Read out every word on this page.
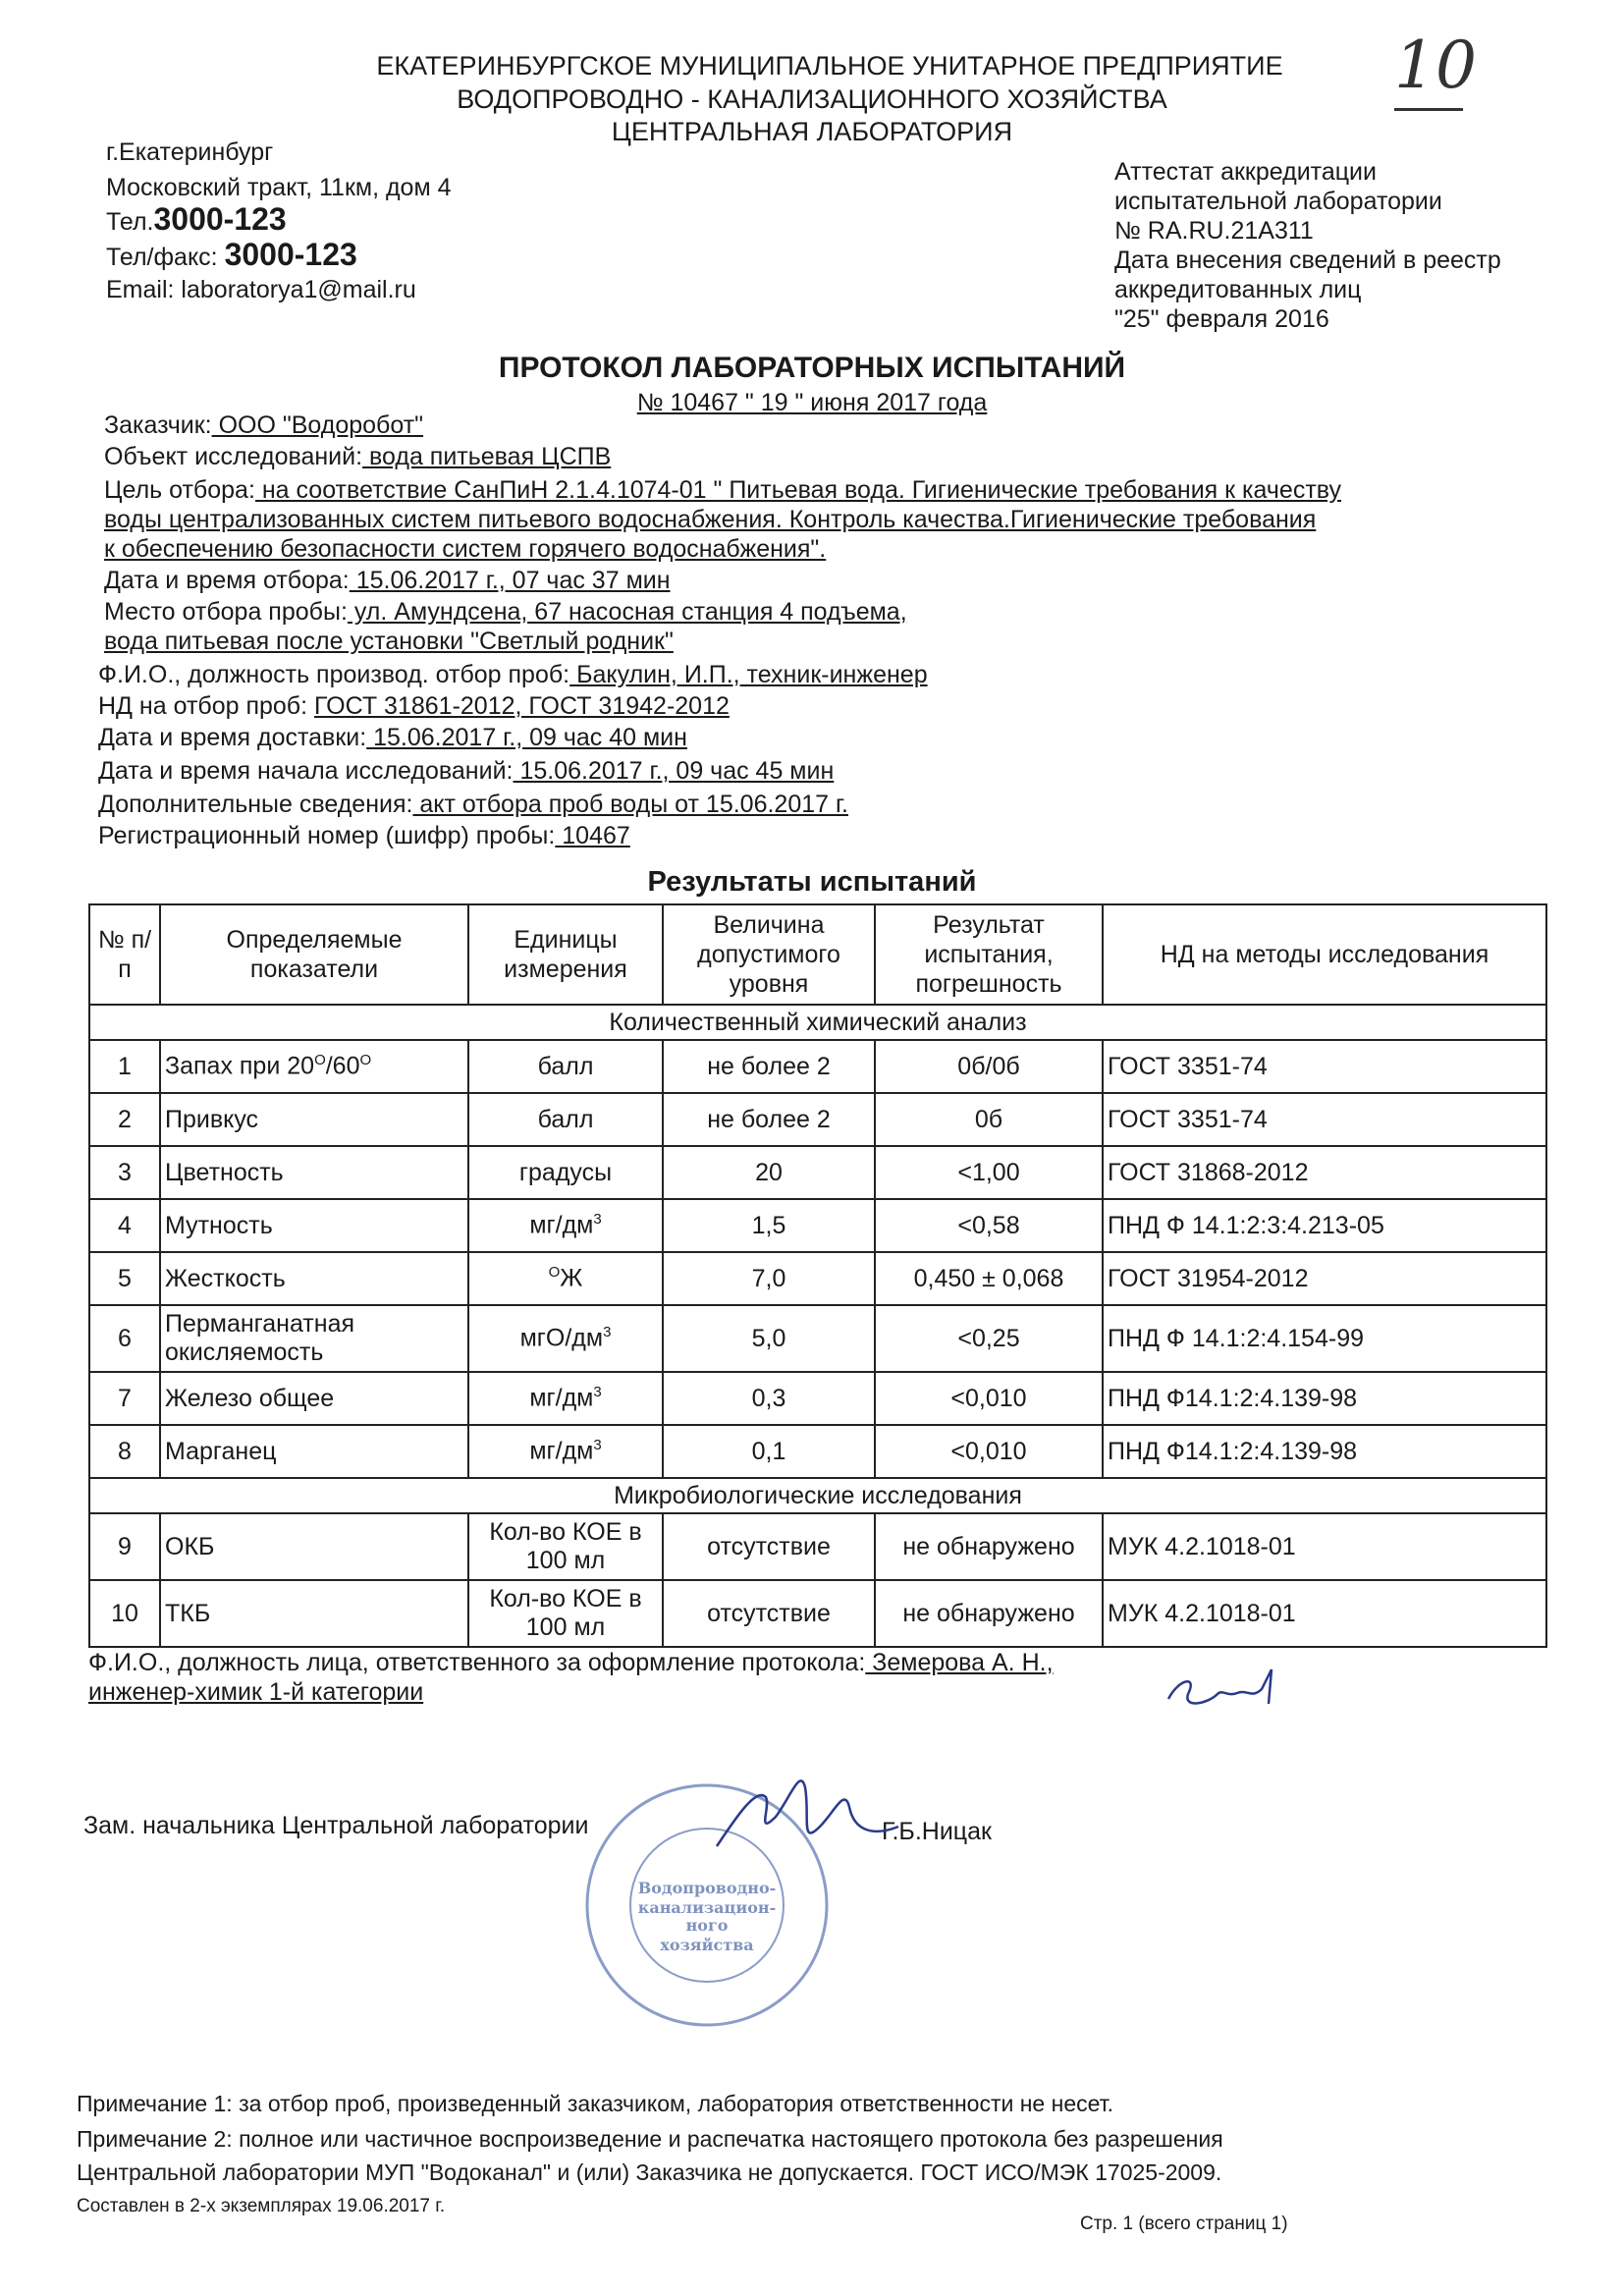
10
ЕКАТЕРИНБУРГСКОЕ МУНИЦИПАЛЬНОЕ УНИТАРНОЕ ПРЕДПРИЯТИЕ
ВОДОПРОВОДНО - КАНАЛИЗАЦИОННОГО ХОЗЯЙСТВА
ЦЕНТРАЛЬНАЯ ЛАБОРАТОРИЯ
г.Екатеринбург
Московский тракт, 11км, дом 4
Тел.3000-123
Тел/факс: 3000-123
Email: laboratorya1@mail.ru
Аттестат аккредитации
испытательной лаборатории
№ RA.RU.21A311
Дата внесения сведений в реестр
аккредитованных лиц
"25" февраля 2016
ПРОТОКОЛ ЛАБОРАТОРНЫХ ИСПЫТАНИЙ
№ 10467 " 19 " июня 2017 года
Заказчик: ООО "Водоробот"
Объект исследований: вода питьевая ЦСПВ
Цель отбора: на соответствие СанПиН 2.1.4.1074-01 " Питьевая вода. Гигиенические требования к качеству
воды централизованных систем питьевого водоснабжения. Контроль качества.Гигиенические требования
к обеспечению безопасности систем горячего водоснабжения".
Дата и время отбора: 15.06.2017 г., 07 час 37 мин
Место отбора пробы: ул. Амундсена, 67 насосная станция 4 подъема,
вода питьевая после установки "Светлый родник"
Ф.И.О., должность производ. отбор проб: Бакулин, И.П., техник-инженер
НД на отбор проб: ГОСТ 31861-2012, ГОСТ 31942-2012
Дата и время доставки: 15.06.2017 г., 09 час 40 мин
Дата и время начала исследований: 15.06.2017 г., 09 час 45 мин
Дополнительные сведения: акт отбора проб воды от 15.06.2017 г.
Регистрационный номер (шифр) пробы: 10467
Результаты испытаний
№ п/п	Определяемые показатели	Единицы измерения	Величина допустимого уровня	Результат испытания, погрешность	НД на методы исследования
Количественный химический анализ					
1	Запах при $20^О/60^О$	балл	не более 2	0б/0б	ГОСТ 3351-74
2	Привкус	балл	не более 2	0б	ГОСТ 3351-74
3	Цветность	градусы	20	<1,00	ГОСТ 31868-2012
4	Мутность	$мг/дм^3$	1,5	<0,58	ПНД Ф 14.1:2:3:4.213-05
5	Жесткость	$^О$Ж	7,0	0,450 ± 0,068	ГОСТ 31954-2012
6	Перманганатная окисляемость	мгО/$дм^3$	5,0	<0,25	ПНД Ф 14.1:2:4.154-99
7	Железо общее	$мг/дм^3$	0,3	<0,010	ПНД Ф14.1:2:4.139-98
8	Марганец	$мг/дм^3$	0,1	<0,010	ПНД Ф14.1:2:4.139-98
Микробиологические исследования					
9	ОКБ	Кол-во КОЕ в 100 мл	отсутствие	не обнаружено	МУК 4.2.1018-01
10	ТКБ	Кол-во КОЕ в 100 мл	отсутствие	не обнаружено	МУК 4.2.1018-01
Ф.И.О., должность лица, ответственного за оформление протокола: Земерова А. Н.,
инженер-химик 1-й категории
Зам. начальника Центральной лаборатории	Г.Б.Ницак
Водопроводно-
канализацион-
ного
хозяйства
Примечание 1: за отбор проб, произведенный заказчиком, лаборатория ответственности не несет.
Примечание 2: полное или частичное воспроизведение и распечатка настоящего протокола без разрешения
Центральной лаборатории МУП "Водоканал" и (или) Заказчика не допускается. ГОСТ ИСО/МЭК 17025-2009.
Составлен в 2-х экземплярах 19.06.2017 г.
Стр. 1 (всего страниц 1)
